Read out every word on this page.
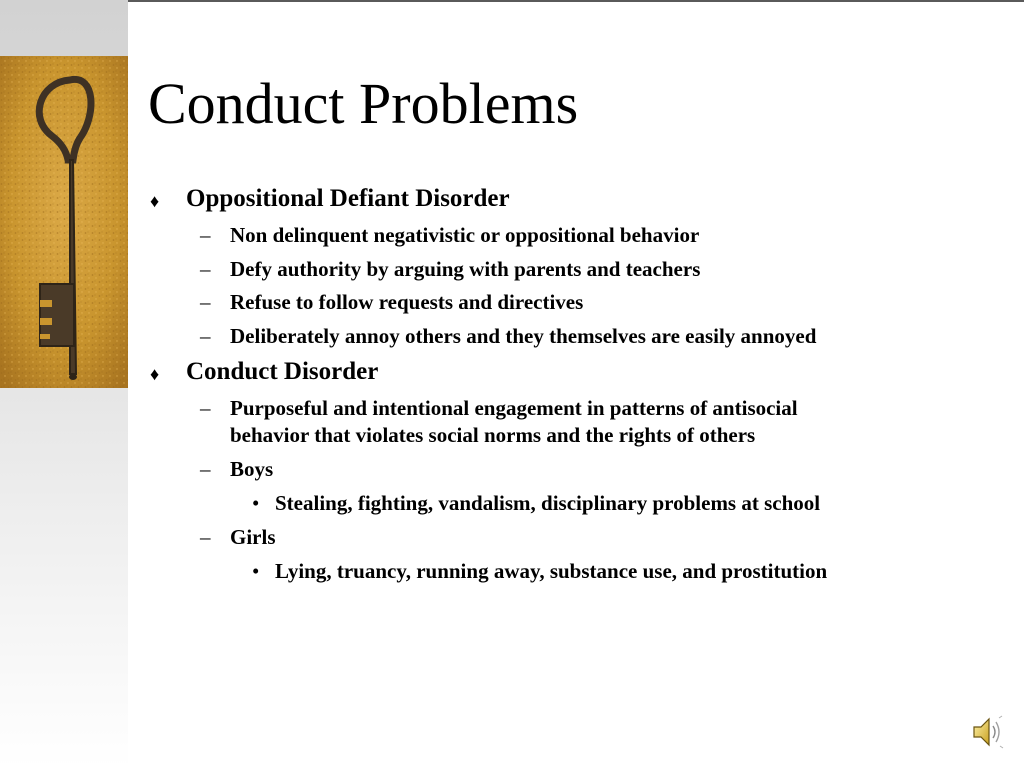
Conduct Problems
♦ Oppositional Defiant Disorder
– Non delinquent negativistic or oppositional behavior
– Defy authority by arguing with parents and teachers
– Refuse to follow requests and directives
– Deliberately annoy others and they themselves are easily annoyed
♦ Conduct Disorder
– Purposeful and intentional engagement in patterns of antisocial
behavior that violates social norms and the rights of others
– Boys
• Stealing, fighting, vandalism, disciplinary problems at school
– Girls
• Lying, truancy, running away, substance use, and prostitution
